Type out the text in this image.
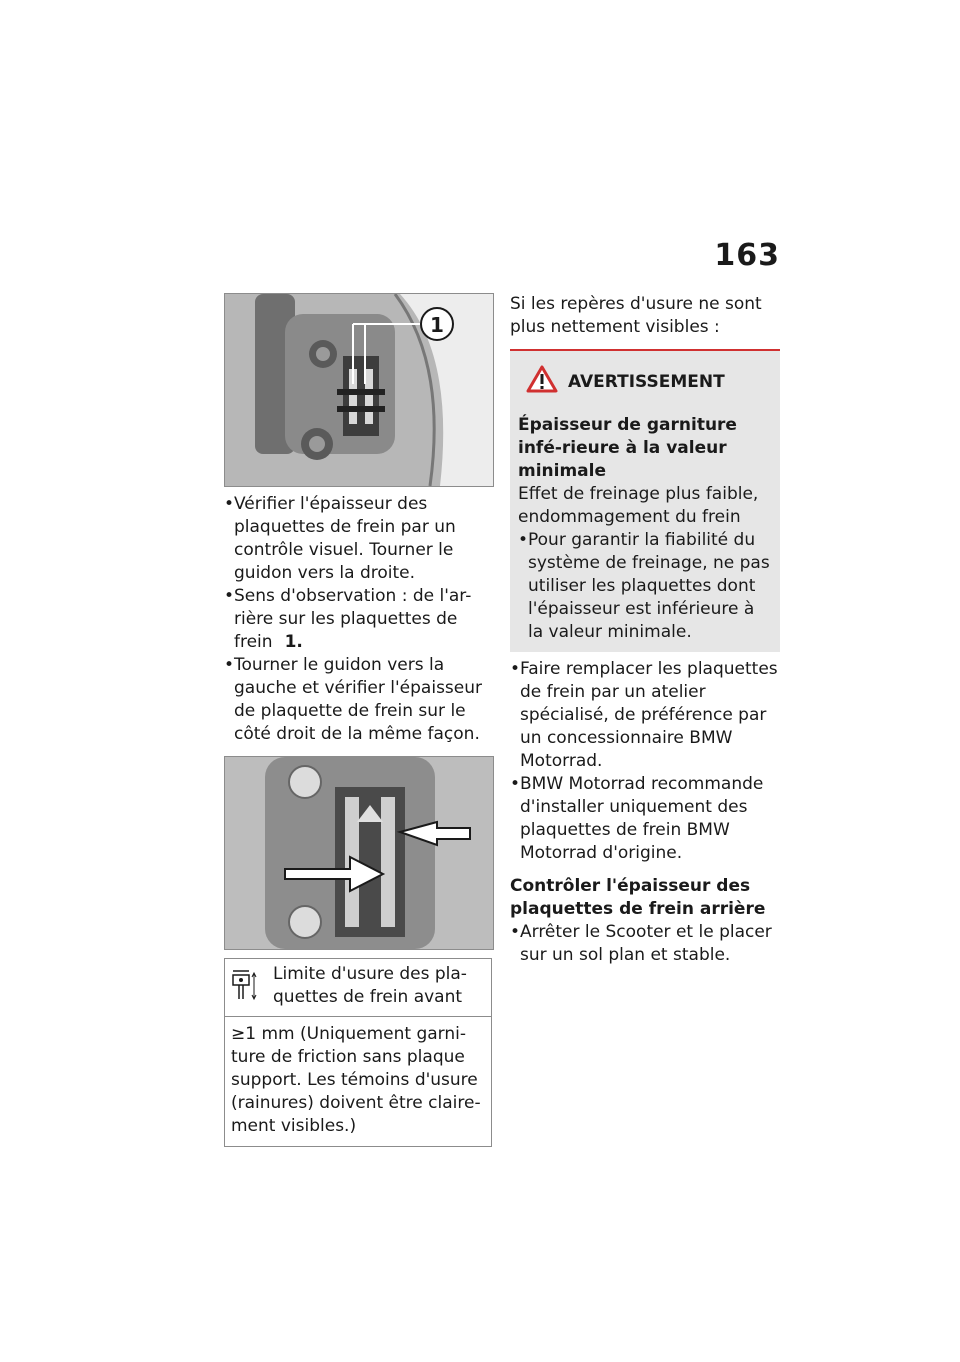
163
1
• Vérifier l'épaisseur des plaquettes de frein par un contrôle visuel. Tourner le guidon vers la droite.
• Sens d'observation : de l'ar-rière sur les plaquettes de frein 1.
• Tourner le guidon vers la gauche et vérifier l'épaisseur de plaquette de frein sur le côté droit de la même façon.
Limite d'usure des pla-quettes de frein avant
≥1 mm (Uniquement garni-ture de friction sans plaque support. Les témoins d'usure (rainures) doivent être claire-ment visibles.)

Si les repères d'usure ne sont plus nettement visibles :

AVERTISSEMENT
Épaisseur de garniture infé-rieure à la valeur minimale
Effet de freinage plus faible, endommagement du frein
• Pour garantir la fiabilité du système de freinage, ne pas utiliser les plaquettes dont l'épaisseur est inférieure à la valeur minimale.
• Faire remplacer les plaquettes de frein par un atelier spécialisé, de préférence par un concessionnaire BMW Motorrad.
• BMW Motorrad recommande d'installer uniquement des plaquettes de frein BMW Motorrad d'origine.
Contrôler l'épaisseur des plaquettes de frein arrière
• Arrêter le Scooter et le placer sur un sol plan et stable.
